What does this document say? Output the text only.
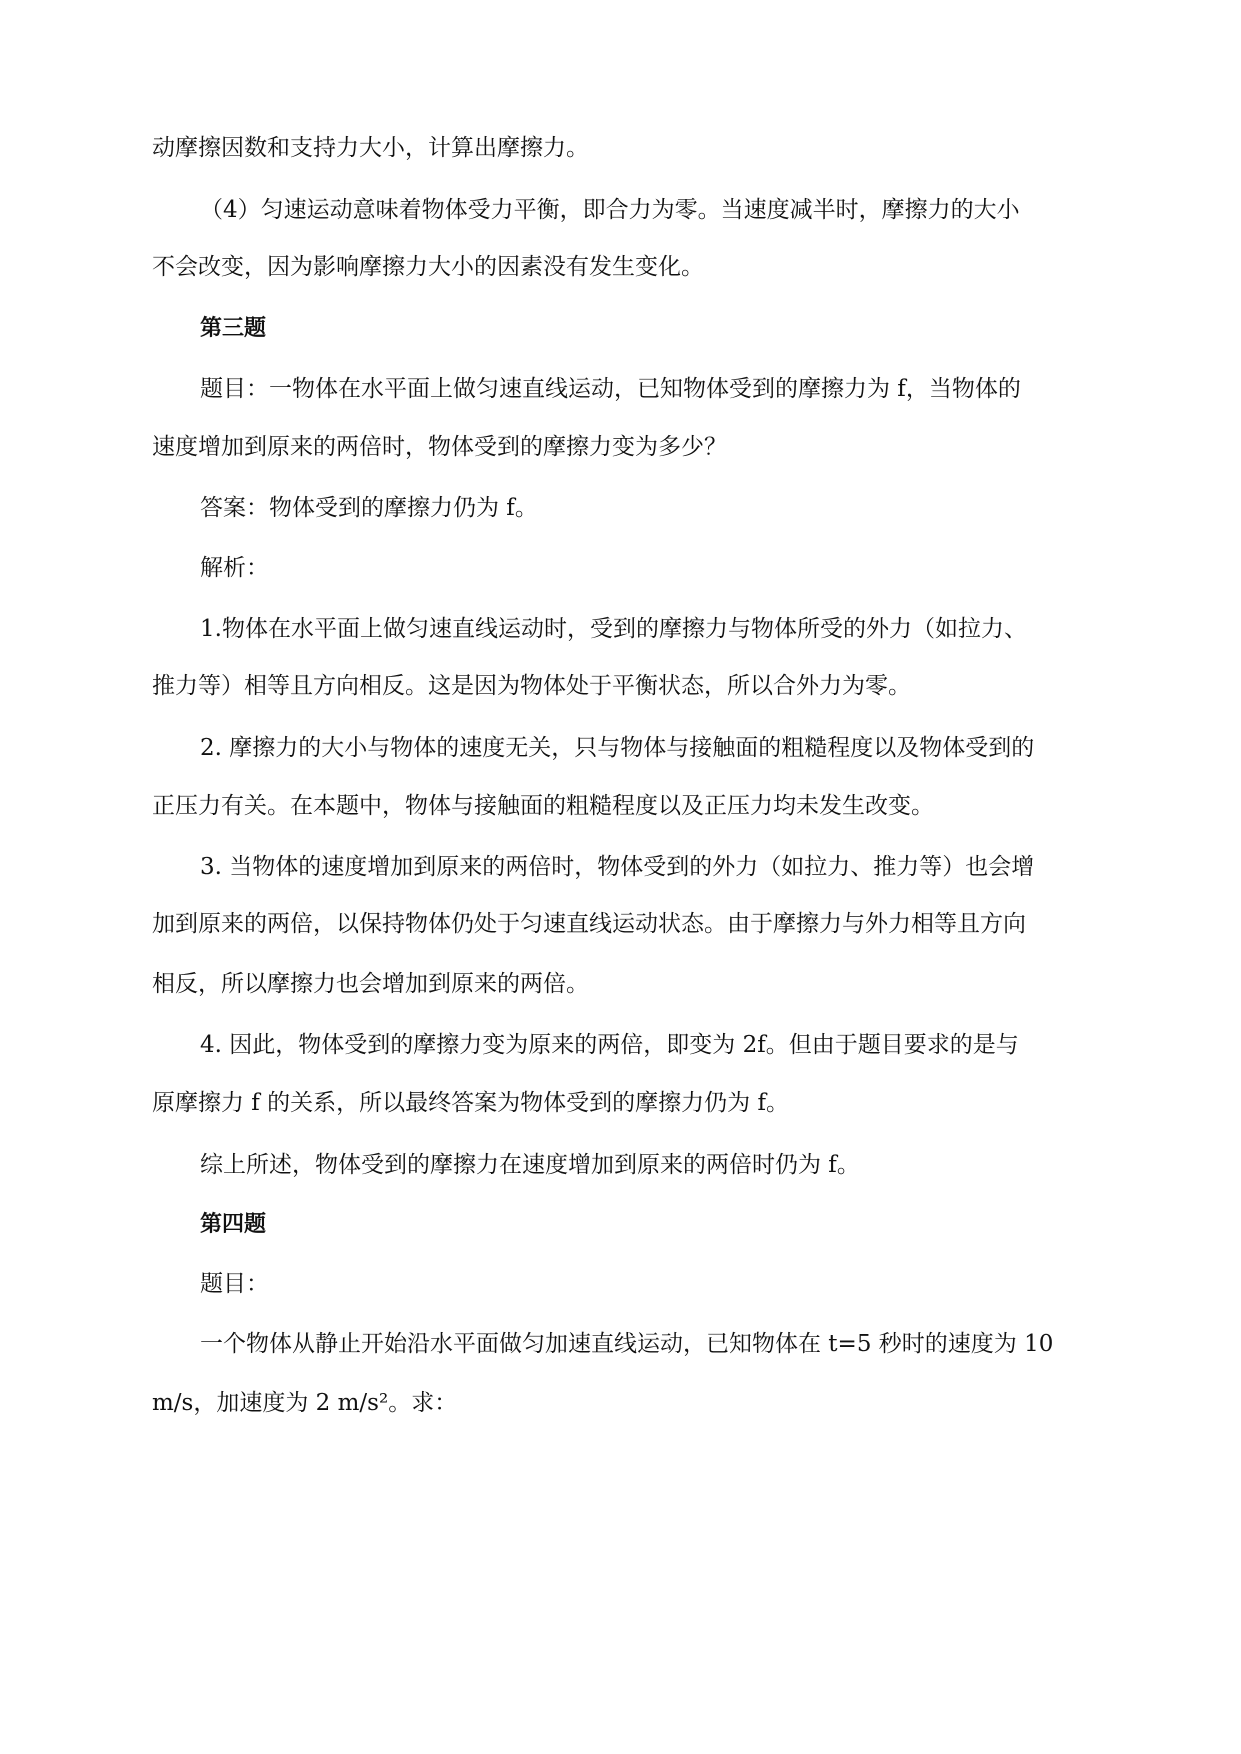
动摩擦因数和支持力大小，计算出摩擦力。
（4）匀速运动意味着物体受力平衡，即合力为零。当速度减半时，摩擦力的大小
不会改变，因为影响摩擦力大小的因素没有发生变化。
第三题
题目：一物体在水平面上做匀速直线运动，已知物体受到的摩擦力为 f，当物体的
速度增加到原来的两倍时，物体受到的摩擦力变为多少？
答案：物体受到的摩擦力仍为 f。
解析：
1.物体在水平面上做匀速直线运动时，受到的摩擦力与物体所受的外力（如拉力、
推力等）相等且方向相反。这是因为物体处于平衡状态，所以合外力为零。
2. 摩擦力的大小与物体的速度无关，只与物体与接触面的粗糙程度以及物体受到的
正压力有关。在本题中，物体与接触面的粗糙程度以及正压力均未发生改变。
3. 当物体的速度增加到原来的两倍时，物体受到的外力（如拉力、推力等）也会增
加到原来的两倍，以保持物体仍处于匀速直线运动状态。由于摩擦力与外力相等且方向
相反，所以摩擦力也会增加到原来的两倍。
4. 因此，物体受到的摩擦力变为原来的两倍，即变为 2f。但由于题目要求的是与
原摩擦力 f 的关系，所以最终答案为物体受到的摩擦力仍为 f。
综上所述，物体受到的摩擦力在速度增加到原来的两倍时仍为 f。
第四题
题目：
一个物体从静止开始沿水平面做匀加速直线运动，已知物体在 t=5 秒时的速度为 10
m/s，加速度为 2 m/s²。求：
